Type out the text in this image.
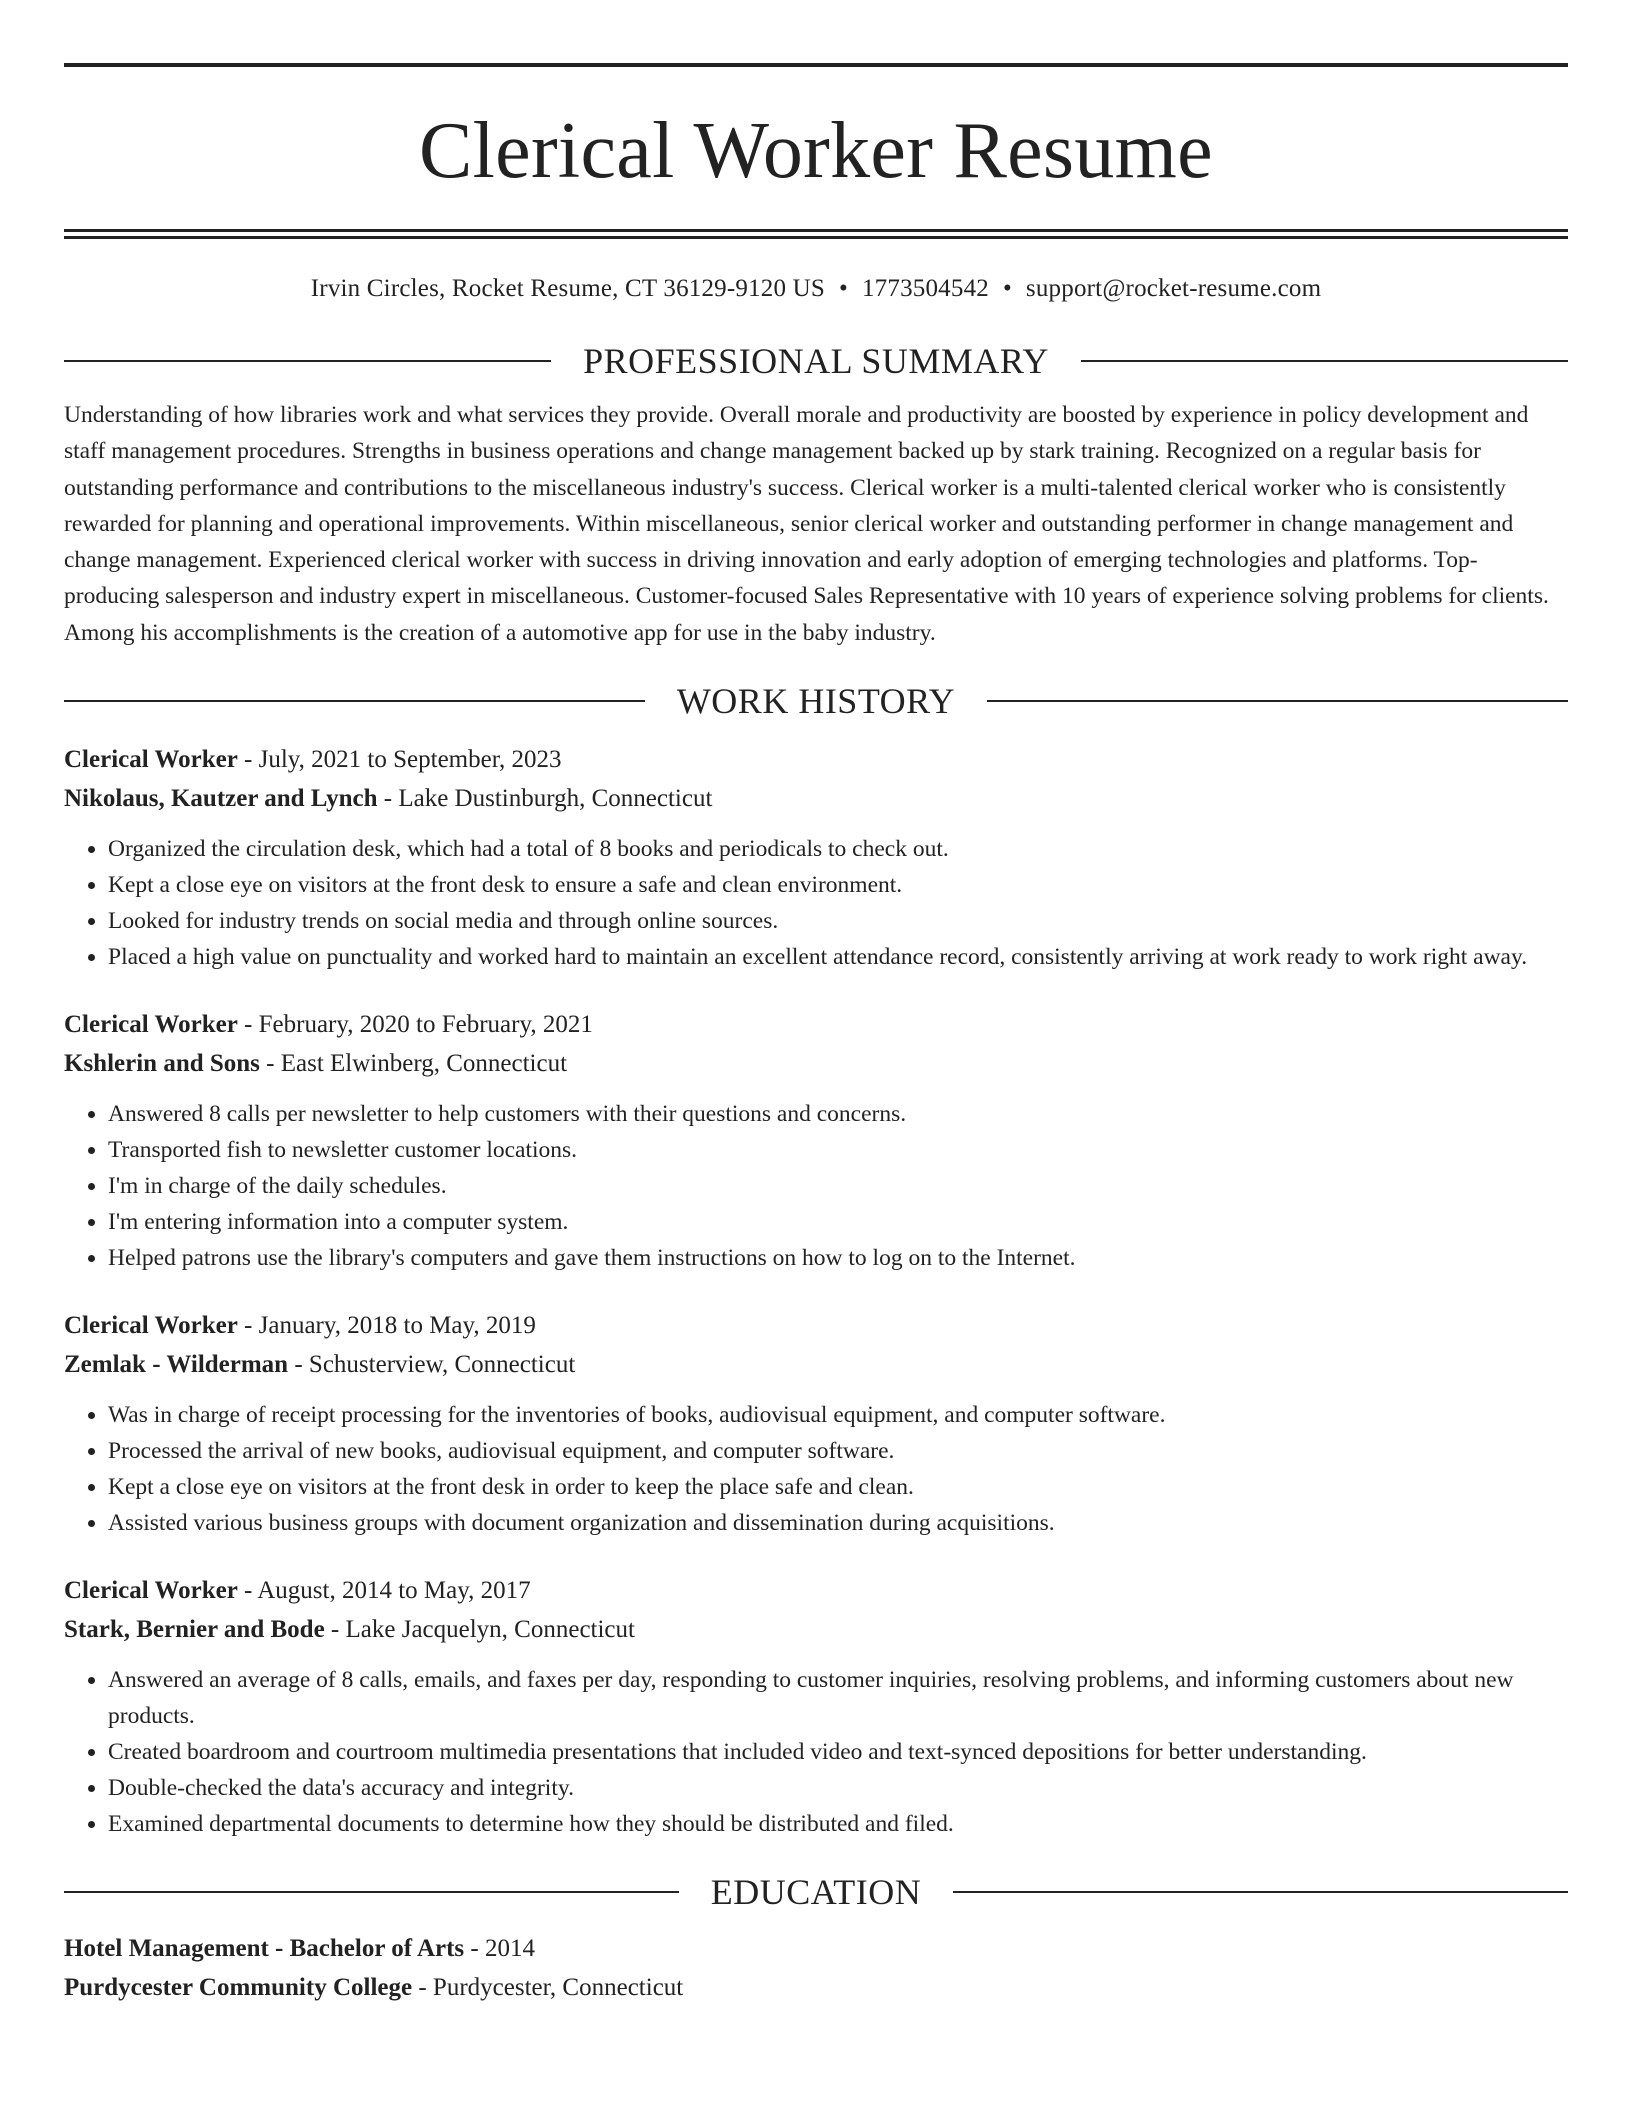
Clerical Worker Resume
Irvin Circles, Rocket Resume, CT 36129-9120 US • 1773504542 • support@rocket-resume.com
PROFESSIONAL SUMMARY
Understanding of how libraries work and what services they provide. Overall morale and productivity are boosted by experience in policy development and staff management procedures. Strengths in business operations and change management backed up by stark training. Recognized on a regular basis for outstanding performance and contributions to the miscellaneous industry's success. Clerical worker is a multi-talented clerical worker who is consistently rewarded for planning and operational improvements. Within miscellaneous, senior clerical worker and outstanding performer in change management and change management. Experienced clerical worker with success in driving innovation and early adoption of emerging technologies and platforms. Top-producing salesperson and industry expert in miscellaneous. Customer-focused Sales Representative with 10 years of experience solving problems for clients. Among his accomplishments is the creation of a automotive app for use in the baby industry.
WORK HISTORY
Clerical Worker - July, 2021 to September, 2023
Nikolaus, Kautzer and Lynch - Lake Dustinburgh, Connecticut
• Organized the circulation desk, which had a total of 8 books and periodicals to check out.
• Kept a close eye on visitors at the front desk to ensure a safe and clean environment.
• Looked for industry trends on social media and through online sources.
• Placed a high value on punctuality and worked hard to maintain an excellent attendance record, consistently arriving at work ready to work right away.
Clerical Worker - February, 2020 to February, 2021
Kshlerin and Sons - East Elwinberg, Connecticut
• Answered 8 calls per newsletter to help customers with their questions and concerns.
• Transported fish to newsletter customer locations.
• I'm in charge of the daily schedules.
• I'm entering information into a computer system.
• Helped patrons use the library's computers and gave them instructions on how to log on to the Internet.
Clerical Worker - January, 2018 to May, 2019
Zemlak - Wilderman - Schusterview, Connecticut
• Was in charge of receipt processing for the inventories of books, audiovisual equipment, and computer software.
• Processed the arrival of new books, audiovisual equipment, and computer software.
• Kept a close eye on visitors at the front desk in order to keep the place safe and clean.
• Assisted various business groups with document organization and dissemination during acquisitions.
Clerical Worker - August, 2014 to May, 2017
Stark, Bernier and Bode - Lake Jacquelyn, Connecticut
• Answered an average of 8 calls, emails, and faxes per day, responding to customer inquiries, resolving problems, and informing customers about new products.
• Created boardroom and courtroom multimedia presentations that included video and text-synced depositions for better understanding.
• Double-checked the data's accuracy and integrity.
• Examined departmental documents to determine how they should be distributed and filed.
EDUCATION
Hotel Management - Bachelor of Arts - 2014
Purdycester Community College - Purdycester, Connecticut
